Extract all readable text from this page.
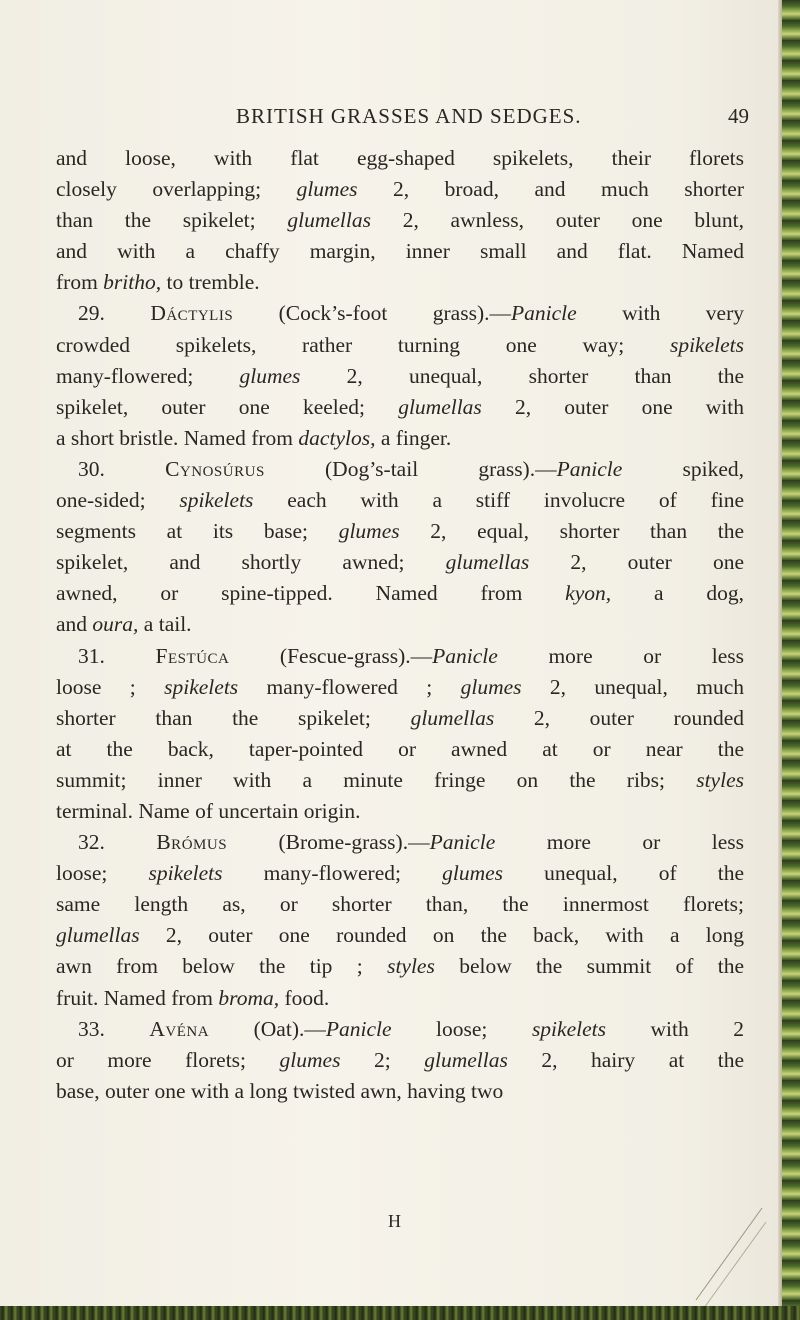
BRITISH GRASSES AND SEDGES.	49
and loose, with flat egg-shaped spikelets, their florets
closely overlapping; glumes 2, broad, and much shorter
than the spikelet; glumellas 2, awnless, outer one blunt,
and with a chaffy margin, inner small and flat. Named
from britho, to tremble.
29. Dáctylis (Cock’s-foot grass).—Panicle with very
crowded spikelets, rather turning one way; spikelets
many-flowered; glumes 2, unequal, shorter than the
spikelet, outer one keeled; glumellas 2, outer one with
a short bristle. Named from dactylos, a finger.
30. Cynosúrus (Dog’s-tail grass).—Panicle spiked,
one-sided; spikelets each with a stiff involucre of fine
segments at its base; glumes 2, equal, shorter than the
spikelet, and shortly awned; glumellas 2, outer one
awned, or spine-tipped. Named from kyon, a dog,
and oura, a tail.
31. Festúca (Fescue-grass).—Panicle more or less
loose ; spikelets many-flowered ; glumes 2, unequal, much
shorter than the spikelet; glumellas 2, outer rounded
at the back, taper-pointed or awned at or near the
summit; inner with a minute fringe on the ribs; styles
terminal. Name of uncertain origin.
32. Brómus (Brome-grass).—Panicle more or less
loose; spikelets many-flowered; glumes unequal, of the
same length as, or shorter than, the innermost florets;
glumellas 2, outer one rounded on the back, with a long
awn from below the tip ; styles below the summit of the
fruit. Named from broma, food.
33. Avéna (Oat).—Panicle loose; spikelets with 2
or more florets; glumes 2; glumellas 2, hairy at the
base, outer one with a long twisted awn, having two
H
